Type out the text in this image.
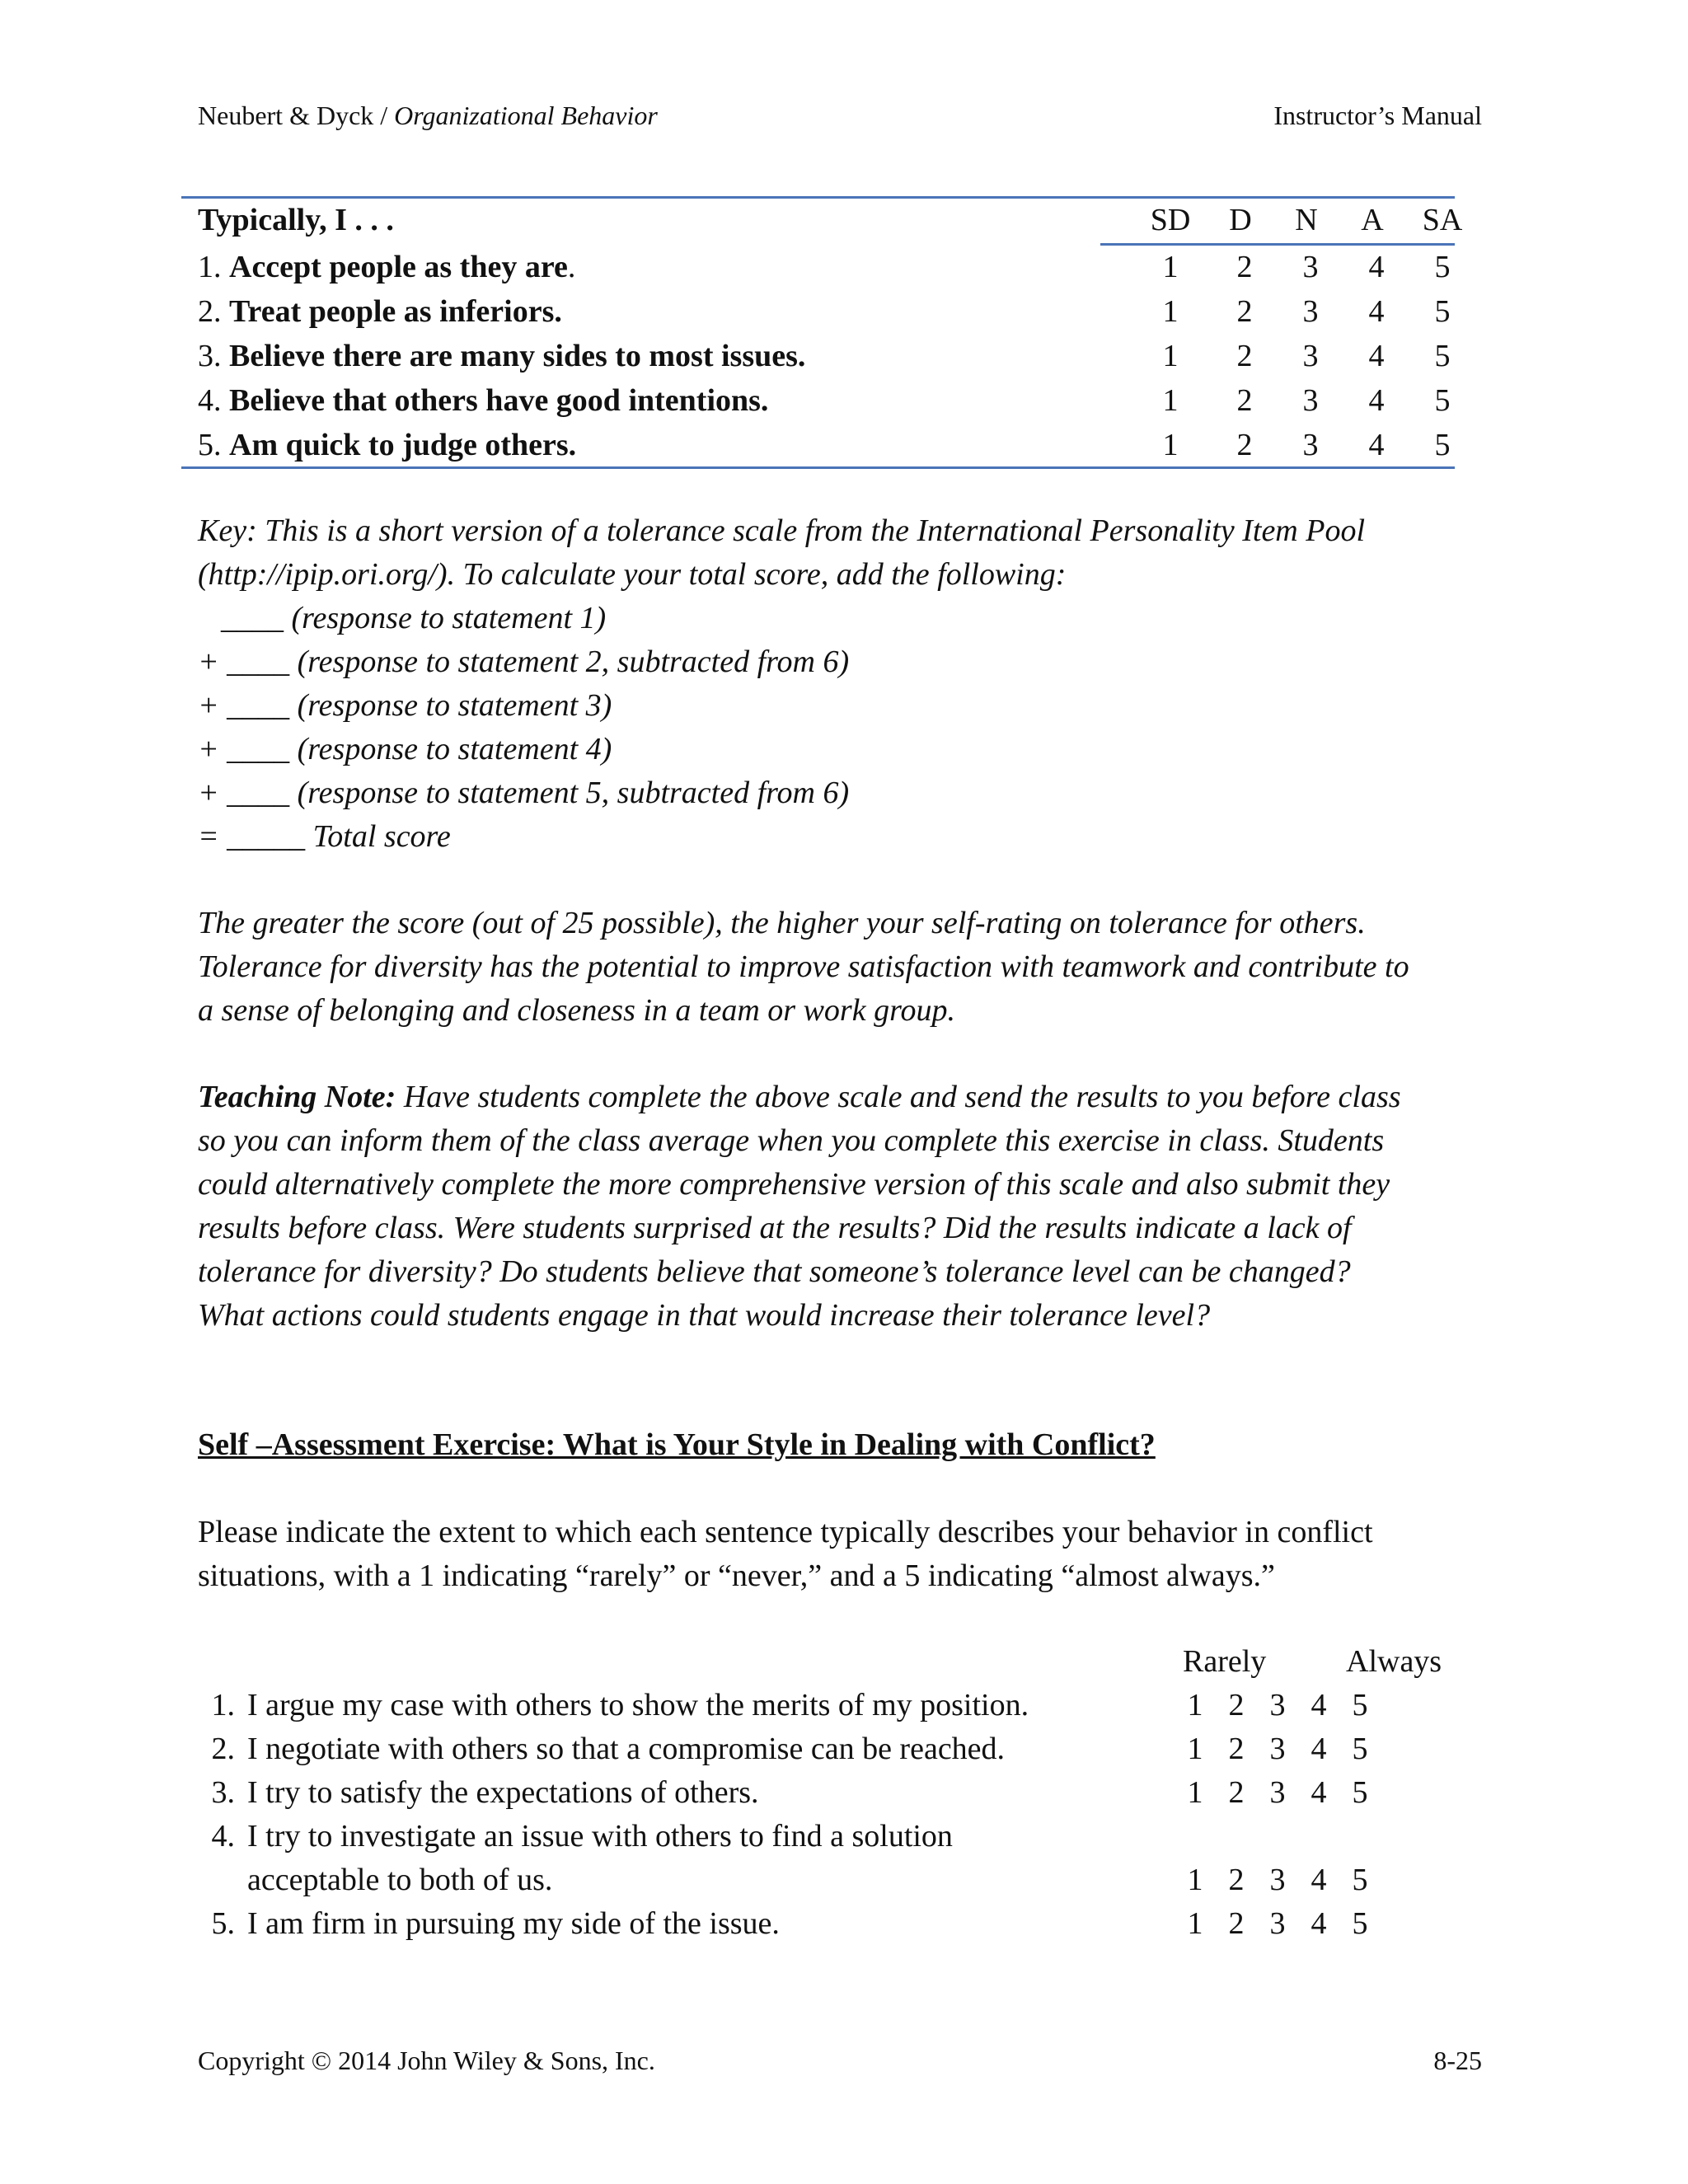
Neubert & Dyck / Organizational Behavior	Instructor’s Manual
Typically, I . . .	SD	D	N	A	SA
1. Accept people as they are.	1	2	3	4	5
2. Treat people as inferiors.	1	2	3	4	5
3. Believe there are many sides to most issues.	1	2	3	4	5
4. Believe that others have good intentions.	1	2	3	4	5
5. Am quick to judge others.	1	2	3	4	5
Key: This is a short version of a tolerance scale from the International Personality Item Pool
(http://ipip.ori.org/). To calculate your total score, add the following:
____ (response to statement 1)
+ ____ (response to statement 2, subtracted from 6)
+ ____ (response to statement 3)
+ ____ (response to statement 4)
+ ____ (response to statement 5, subtracted from 6)
= _____ Total score
The greater the score (out of 25 possible), the higher your self-rating on tolerance for others.
Tolerance for diversity has the potential to improve satisfaction with teamwork and contribute to
a sense of belonging and closeness in a team or work group.
Teaching Note: Have students complete the above scale and send the results to you before class
so you can inform them of the class average when you complete this exercise in class. Students
could alternatively complete the more comprehensive version of this scale and also submit they
results before class. Were students surprised at the results? Did the results indicate a lack of
tolerance for diversity? Do students believe that someone’s tolerance level can be changed?
What actions could students engage in that would increase their tolerance level?
Self –Assessment Exercise: What is Your Style in Dealing with Conflict?
Please indicate the extent to which each sentence typically describes your behavior in conflict
situations, with a 1 indicating “rarely” or “never,” and a 5 indicating “almost always.”
Rarely	Always
1. I argue my case with others to show the merits of my position.	1 2 3 4 5
2. I negotiate with others so that a compromise can be reached.	1 2 3 4 5
3. I try to satisfy the expectations of others.	1 2 3 4 5
4. I try to investigate an issue with others to find a solution
acceptable to both of us.	1 2 3 4 5
5. I am firm in pursuing my side of the issue.	1 2 3 4 5
Copyright © 2014 John Wiley & Sons, Inc.	8-25
